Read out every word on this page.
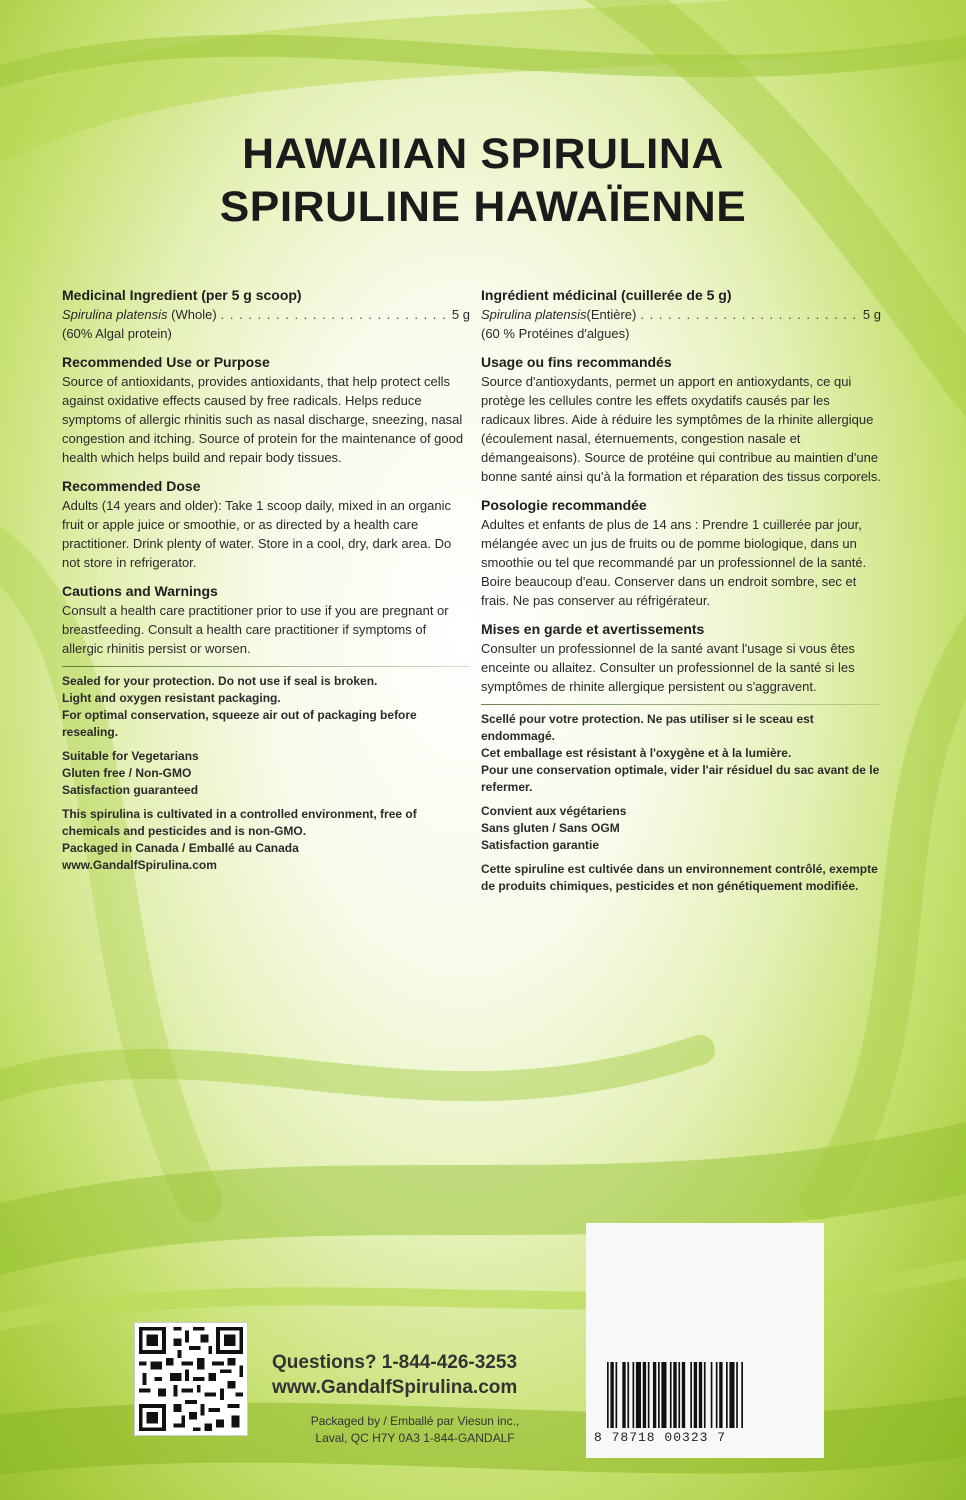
HAWAIIAN SPIRULINA
SPIRULINE HAWAÏENNE
Medicinal Ingredient (per 5 g scoop)
Spirulina platensis (Whole) . . .	5 g

(60% Algal protein)

Recommended Use or Purpose

Source of antioxidants, provides antioxidants, that help protect cells against oxidative effects caused by free radicals. Helps reduce symptoms of allergic rhinitis such as nasal discharge, sneezing, nasal congestion and itching. Source of protein for the maintenance of good health which helps build and repair body tissues.

Recommended Dose

Adults (14 years and older): Take 1 scoop daily, mixed in an organic fruit or apple juice or smoothie, or as directed by a health care practitioner. Drink plenty of water. Store in a cool, dry, dark area. Do not store in refrigerator.

Cautions and Warnings

Consult a health care practitioner prior to use if you are pregnant or breastfeeding. Consult a health care practitioner if symptoms of allergic rhinitis persist or worsen.

Sealed for your protection. Do not use if seal is broken.
Light and oxygen resistant packaging.
For optimal conservation, squeeze air out of packaging before resealing.
Suitable for Vegetarians
Gluten free / Non-GMO
Satisfaction guaranteed
This spirulina is cultivated in a controlled environment, free of chemicals and pesticides and is non-GMO.
Packaged in Canada / Emballé au Canada
www.GandalfSpirulina.com
Ingrédient médicinal (cuillerée de 5 g)
Spirulina platensis(Entière) . . .	5 g

(60 % Protéines d'algues)

Usage ou fins recommandés

Source d'antioxydants, permet un apport en antioxydants, ce qui protège les cellules contre les effets oxydatifs causés par les radicaux libres. Aide à réduire les symptômes de la rhinite allergique (écoulement nasal, éternuements, congestion nasale et démangeaisons). Source de protéine qui contribue au maintien d'une bonne santé ainsi qu'à la formation et réparation des tissus corporels.

Posologie recommandée

Adultes et enfants de plus de 14 ans : Prendre 1 cuillerée par jour, mélangée avec un jus de fruits ou de pomme biologique, dans un smoothie ou tel que recommandé par un professionnel de la santé. Boire beaucoup d'eau. Conserver dans un endroit sombre, sec et frais. Ne pas conserver au réfrigérateur.

Mises en garde et avertissements

Consulter un professionnel de la santé avant l'usage si vous êtes enceinte ou allaitez. Consulter un professionnel de la santé si les symptômes de rhinite allergique persistent ou s'aggravent.

Scellé pour votre protection. Ne pas utiliser si le sceau est endommagé.
Cet emballage est résistant à l'oxygène et à la lumière.
Pour une conservation optimale, vider l'air résiduel du sac avant de le refermer.
Convient aux végétariens
Sans gluten / Sans OGM
Satisfaction garantie
Cette spiruline est cultivée dans un environnement contrôlé, exempte de produits chimiques, pesticides et non génétiquement modifiée.
Questions? 1-844-426-3253
www.GandalfSpirulina.com
Packaged by / Emballé par Viesun inc.,
Laval, QC H7Y 0A3 1-844-GANDALF	8 78718 00323 7
